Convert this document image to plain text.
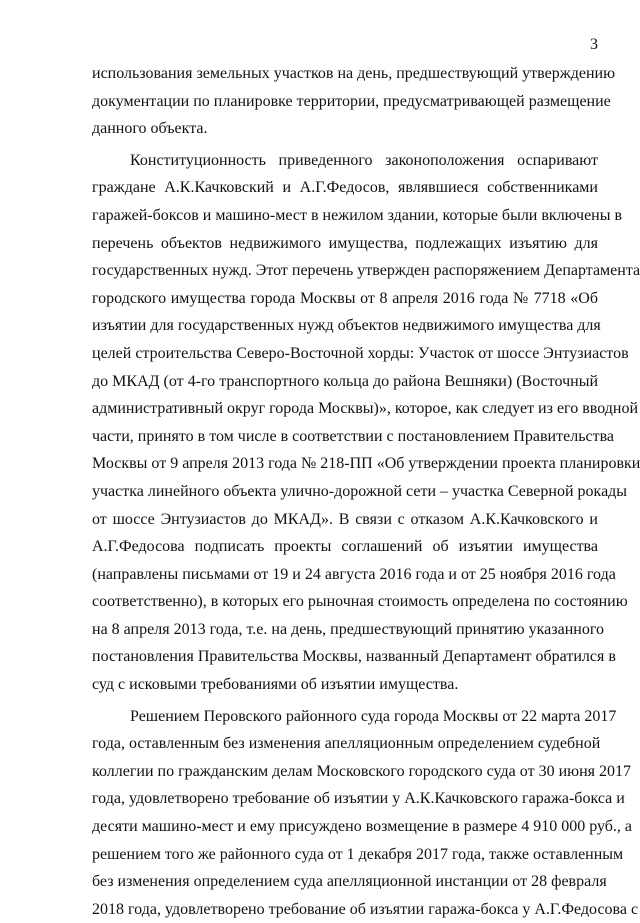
3
использования земельных участков на день, предшествующий утверждению
документации по планировке территории, предусматривающей размещение
данного объекта.
Конституционность приведенного законоположения оспаривают
граждане А.К.Качковский и А.Г.Федосов, являвшиеся собственниками
гаражей-боксов и машино-мест в нежилом здании, которые были включены в
перечень объектов недвижимого имущества, подлежащих изъятию для
государственных нужд. Этот перечень утвержден распоряжением Департамента
городского имущества города Москвы от 8 апреля 2016 года № 7718 «Об
изъятии для государственных нужд объектов недвижимого имущества для
целей строительства Северо-Восточной хорды: Участок от шоссе Энтузиастов
до МКАД (от 4-го транспортного кольца до района Вешняки) (Восточный
административный округ города Москвы)», которое, как следует из его вводной
части, принято в том числе в соответствии с постановлением Правительства
Москвы от 9 апреля 2013 года № 218-ПП «Об утверждении проекта планировки
участка линейного объекта улично-дорожной сети – участка Северной рокады
от шоссе Энтузиастов до МКАД». В связи с отказом А.К.Качковского и
А.Г.Федосова подписать проекты соглашений об изъятии имущества
(направлены письмами от 19 и 24 августа 2016 года и от 25 ноября 2016 года
соответственно), в которых его рыночная стоимость определена по состоянию
на 8 апреля 2013 года, т.е. на день, предшествующий принятию указанного
постановления Правительства Москвы, названный Департамент обратился в
суд с исковыми требованиями об изъятии имущества.
Решением Перовского районного суда города Москвы от 22 марта 2017
года, оставленным без изменения апелляционным определением судебной
коллегии по гражданским делам Московского городского суда от 30 июня 2017
года, удовлетворено требование об изъятии у А.К.Качковского гаража-бокса и
десяти машино-мест и ему присуждено возмещение в размере 4 910 000 руб., а
решением того же районного суда от 1 декабря 2017 года, также оставленным
без изменения определением суда апелляционной инстанции от 28 февраля
2018 года, удовлетворено требование об изъятии гаража-бокса у А.Г.Федосова с
